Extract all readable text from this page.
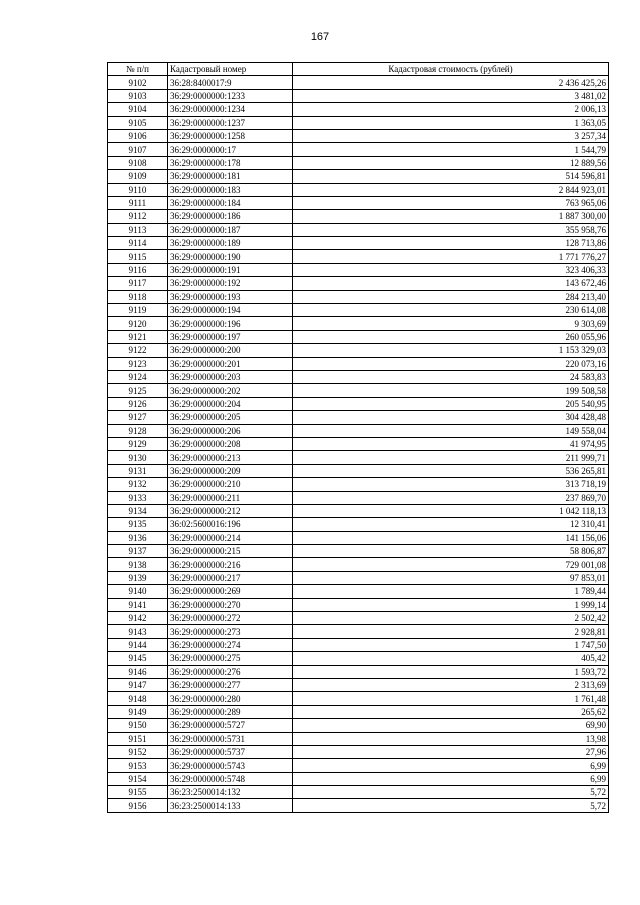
167
№ п/п	Кадастровый номер	Кадастровая стоимость (рублей)
9102	36:28:8400017:9	2 436 425,26
9103	36:29:0000000:1233	3 481,02
9104	36:29:0000000:1234	2 006,13
9105	36:29:0000000:1237	1 363,05
9106	36:29:0000000:1258	3 257,34
9107	36:29:0000000:17	1 544,79
9108	36:29:0000000:178	12 889,56
9109	36:29:0000000:181	514 596,81
9110	36:29:0000000:183	2 844 923,01
9111	36:29:0000000:184	763 965,06
9112	36:29:0000000:186	1 887 300,00
9113	36:29:0000000:187	355 958,76
9114	36:29:0000000:189	128 713,86
9115	36:29:0000000:190	1 771 776,27
9116	36:29:0000000:191	323 406,33
9117	36:29:0000000:192	143 672,46
9118	36:29:0000000:193	284 213,40
9119	36:29:0000000:194	230 614,08
9120	36:29:0000000:196	9 303,69
9121	36:29:0000000:197	260 055,96
9122	36:29:0000000:200	1 153 329,03
9123	36:29:0000000:201	220 073,16
9124	36:29:0000000:203	24 583,83
9125	36:29:0000000:202	199 508,58
9126	36:29:0000000:204	205 540,95
9127	36:29:0000000:205	304 428,48
9128	36:29:0000000:206	149 558,04
9129	36:29:0000000:208	41 974,95
9130	36:29:0000000:213	211 999,71
9131	36:29:0000000:209	536 265,81
9132	36:29:0000000:210	313 718,19
9133	36:29:0000000:211	237 869,70
9134	36:29:0000000:212	1 042 118,13
9135	36:02:5600016:196	12 310,41
9136	36:29:0000000:214	141 156,06
9137	36:29:0000000:215	58 806,87
9138	36:29:0000000:216	729 001,08
9139	36:29:0000000:217	97 853,01
9140	36:29:0000000:269	1 789,44
9141	36:29:0000000:270	1 999,14
9142	36:29:0000000:272	2 502,42
9143	36:29:0000000:273	2 928,81
9144	36:29:0000000:274	1 747,50
9145	36:29:0000000:275	405,42
9146	36:29:0000000:276	1 593,72
9147	36:29:0000000:277	2 313,69
9148	36:29:0000000:280	1 761,48
9149	36:29:0000000:289	265,62
9150	36:29:0000000:5727	69,90
9151	36:29:0000000:5731	13,98
9152	36:29:0000000:5737	27,96
9153	36:29:0000000:5743	6,99
9154	36:29:0000000:5748	6,99
9155	36:23:2500014:132	5,72
9156	36:23:2500014:133	5,72
